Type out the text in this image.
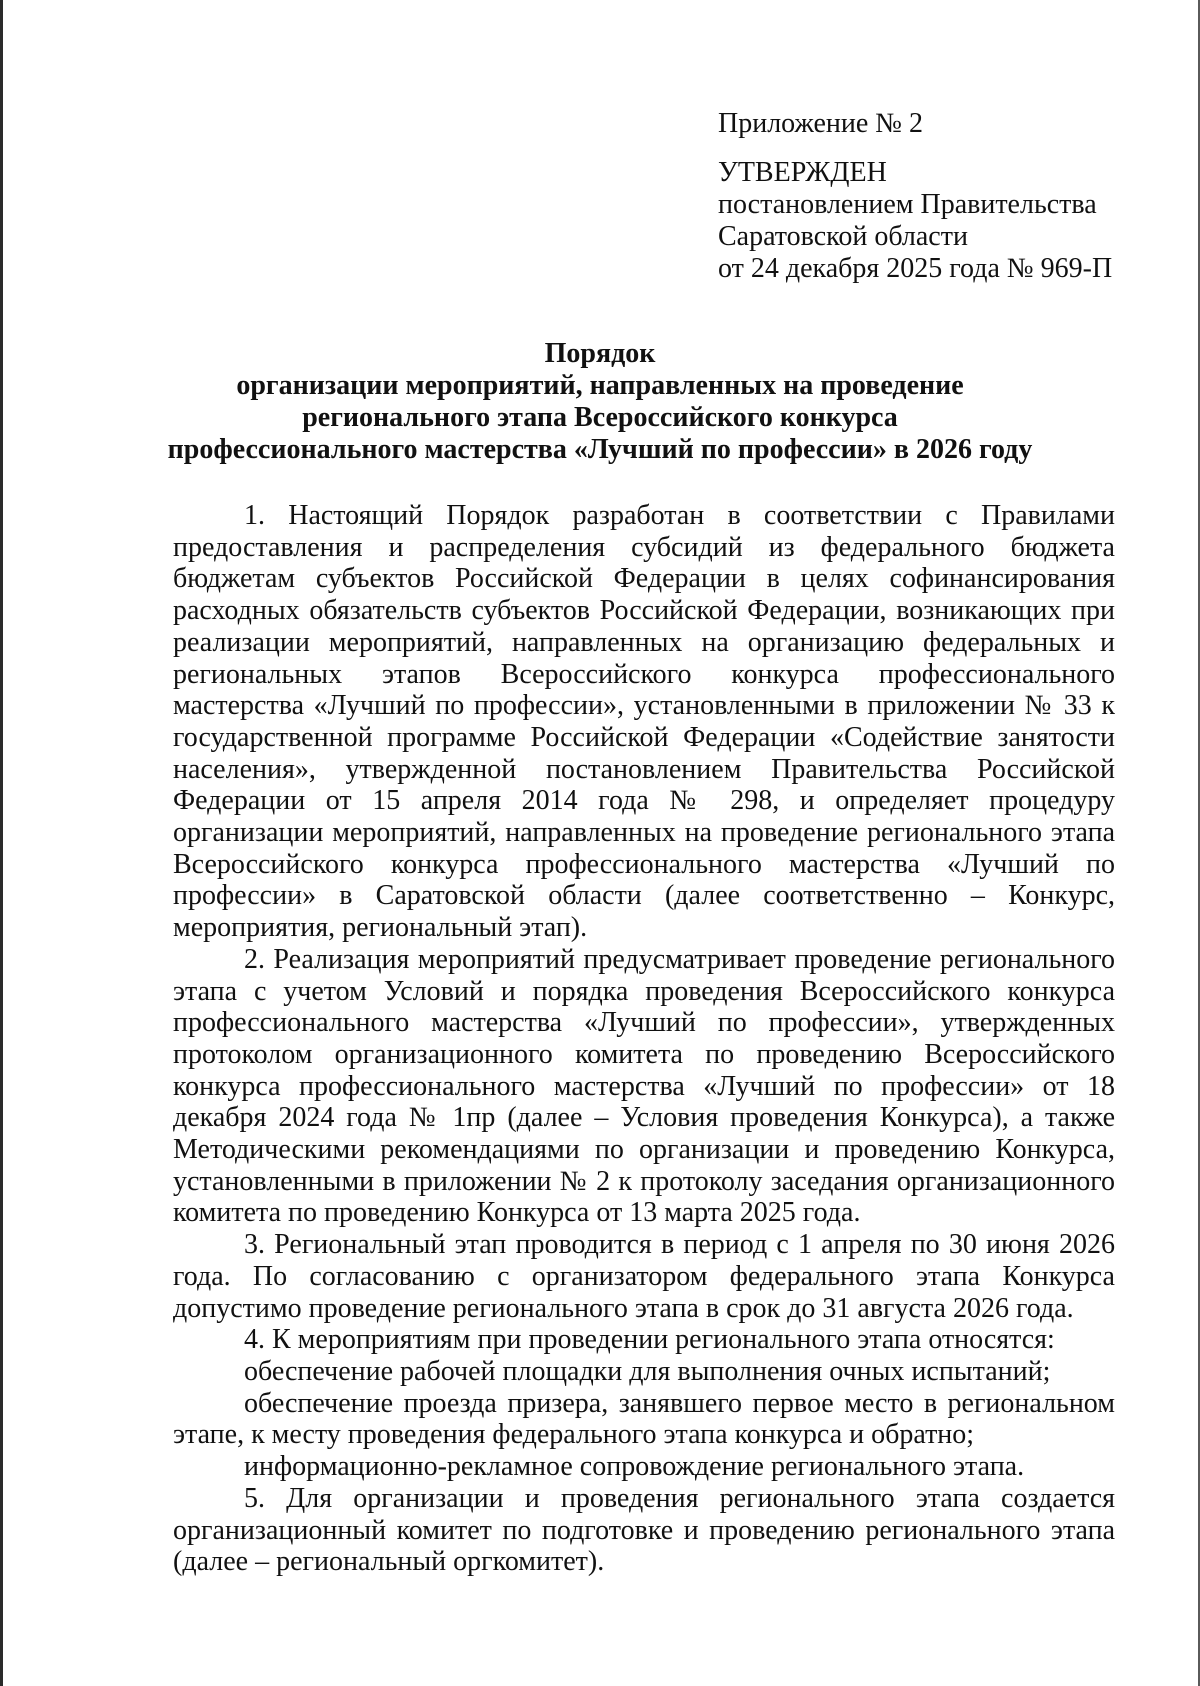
Приложение № 2
УТВЕРЖДЕН
постановлением Правительства
Саратовской области
от 24 декабря 2025 года № 969-П
Порядок
организации мероприятий, направленных на проведение
регионального этапа Всероссийского конкурса
профессионального мастерства «Лучший по профессии» в 2026 году

1. Настоящий Порядок разработан в соответствии с Правилами предоставления и распределения субсидий из федерального бюджета бюджетам субъектов Российской Федерации в целях софинансирования расходных обязательств субъектов Российской Федерации, возникающих при реализации мероприятий, направленных на организацию федеральных и региональных этапов Всероссийского конкурса профессионального мастерства «Лучший по профессии», установленными в приложении № 33 к государственной программе Российской Федерации «Содействие занятости населения», утвержденной постановлением Правительства Российской Федерации от 15 апреля 2014 года № 298, и определяет процедуру организации мероприятий, направленных на проведение регионального этапа Всероссийского конкурса профессионального мастерства «Лучший по профессии» в Саратовской области (далее соответственно – Конкурс, мероприятия, региональный этап).

2. Реализация мероприятий предусматривает проведение регионального этапа с учетом Условий и порядка проведения Всероссийского конкурса профессионального мастерства «Лучший по профессии», утвержденных протоколом организационного комитета по проведению Всероссийского конкурса профессионального мастерства «Лучший по профессии» от 18 декабря 2024 года № 1пр (далее – Условия проведения Конкурса), а также Методическими рекомендациями по организации и проведению Конкурса, установленными в приложении № 2 к протоколу заседания организационного комитета по проведению Конкурса от 13 марта 2025 года.

3. Региональный этап проводится в период с 1 апреля по 30 июня 2026 года. По согласованию с организатором федерального этапа Конкурса допустимо проведение регионального этапа в срок до 31 августа 2026 года.

4. К мероприятиям при проведении регионального этапа относятся:

обеспечение рабочей площадки для выполнения очных испытаний;

обеспечение проезда призера, занявшего первое место в региональном этапе, к месту проведения федерального этапа конкурса и обратно;

информационно-рекламное сопровождение регионального этапа.

5. Для организации и проведения регионального этапа создается организационный комитет по подготовке и проведению регионального этапа (далее – региональный оргкомитет).
